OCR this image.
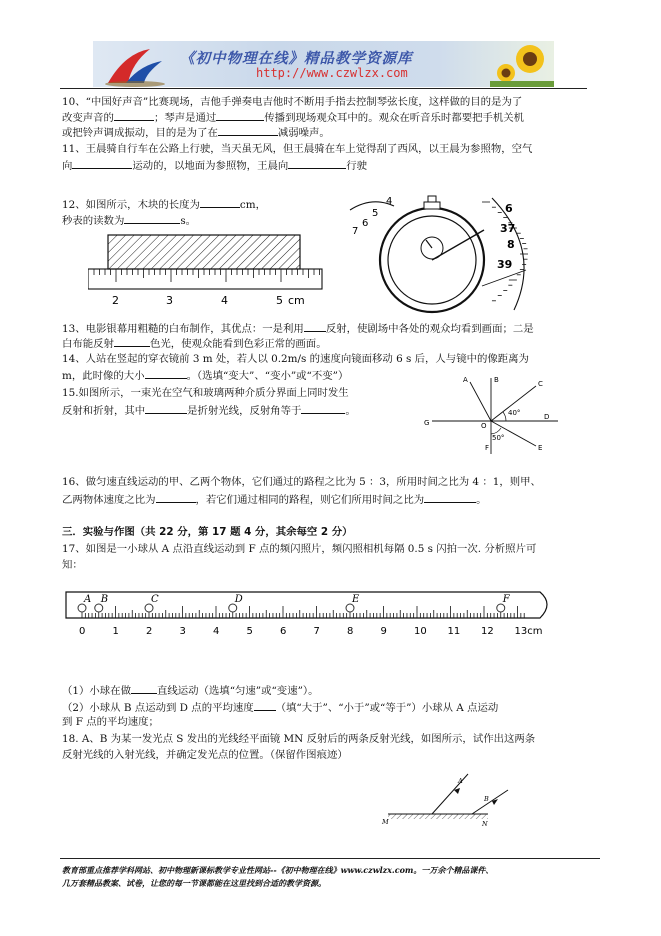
《初中物理在线》精品教学资源库
http://www.czwlzx.com
10、“中国好声音”比赛现场，吉他手弹奏电吉他时不断用手指去控制琴弦长度，这样做的目的是为了
改变声音的	；琴声是通过	传播到现场观众耳中的。观众在听音乐时都要把手机关机
或把铃声调成振动，目的是为了在	减弱噪声。
11、王晨骑自行车在公路上行驶，当天虽无风，但王晨骑在车上觉得刮了西风，以王晨为参照物，空气
向	运动的，以地面为参照物，王晨向	行驶
12、如图所示，木块的长度为	cm，
秒表的读数为	s。
2	3	4	5 cm
4
5
6
7
6
37
8
39
13、电影银幕用粗糙的白布制作，其优点：一是利用 反射，使剧场中各处的观众均看到画面；二是
白布能反射	色光，使观众能看到色彩正常的画面。
14、人站在竖起的穿衣镜前 3 m 处，若人以 0.2m/s 的速度向镜面移动 6 s 后，人与镜中的像距离为
m，此时像的大小	。（选填“变大”、“变小”或“不变”）
15.如图所示，一束光在空气和玻璃两种介质分界面上同时发生
反射和折射，其中	是折射光线，反射角等于	。
A	B	C
D
E
F
G	O
40°
50°
16、做匀速直线运动的甲、乙两个物体，它们通过的路程之比为 5 ：3，所用时间之比为 4 ：1，则甲、
乙两物体速度之比为	，若它们通过相同的路程，则它们所用时间之比为	。
三．实验与作图（共 22 分，第 17 题 4 分，其余每空 2 分）
17、如图是一小球从 A 点沿直线运动到 F 点的频闪照片，频闪照相机每隔 0.5 s 闪拍一次. 分析照片可
知：
0	1	2	3	4	5	6	7	8	9	10 11 12 13cm
A B	C	D	E	F
（1）小球在做	直线运动（选填“匀速”或“变速”）。
（2）小球从 B 点运动到 D 点的平均速度 （填“大于”、“小于”或“等于”）小球从 A 点运动
到 F 点的平均速度；
18. A、B 为某一发光点 S 发出的光线经平面镜 MN 反射后的两条反射光线，如图所示，试作出这两条
反射光线的入射光线，并确定发光点的位置。（保留作图痕迹）
A
B
M	N
教育部重点推荐学科网站、初中物理新课标教学专业性网站--《初中物理在线》www.czwlzx.com。一万余个精品课件、
几万套精品教案、试卷，让您的每一节课都能在这里找到合适的教学资源。
